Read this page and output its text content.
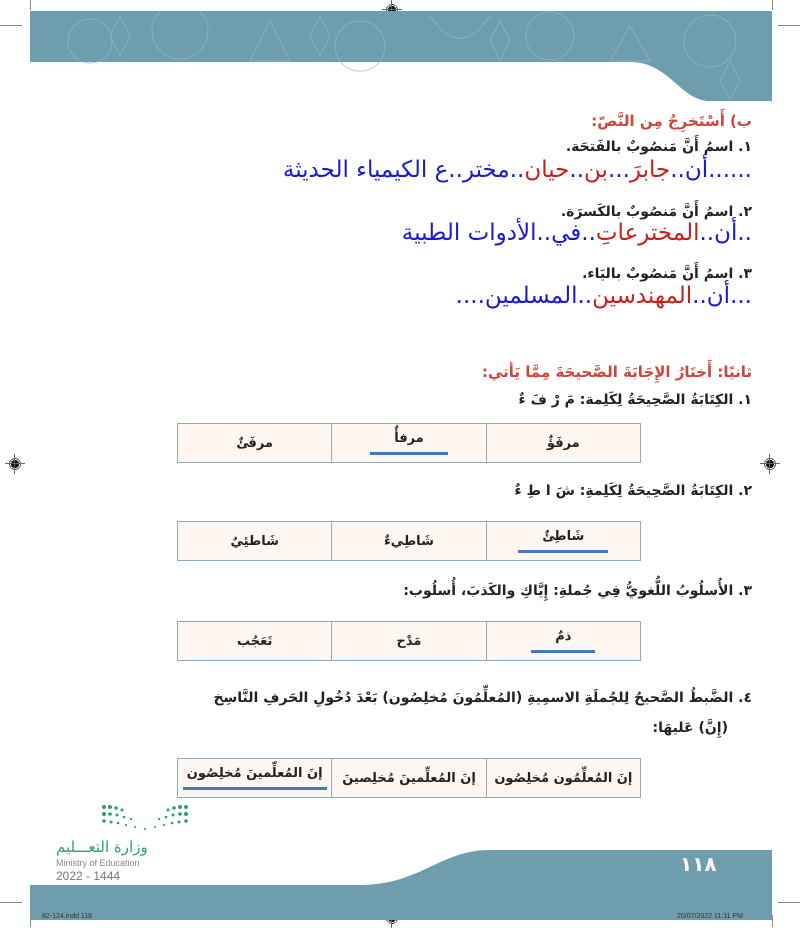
ب) أَسْتَخرِجُ مِن النَّصّ:
١. اسمُ أَنَّ مَنصُوبٌ بالفَتحَة.
......أن..جابرَ...بن..حيان..مختر..ع الكيمياء الحديثة
٢. اسمُ أَنَّ مَنصُوبٌ بالكَسرَة.
..أن..المخترعاتِ..في..الأدوات الطبية
٣. اسمُ أَنَّ مَنصُوبٌ باليَاء.
...أن..المهندسين..المسلمين....
ثانيًا: أَختَارُ الإِجَابَةَ الصَّحيحَةَ مِمَّا يَأتي:
١. الكِتَابَةُ الصَّحِيحَةُ لِكَلِمة: مَ رْ فَ ءٌ
مرفَؤٌ	مرفأٌ	مرفَئٌ
٢. الكِتَابَةُ الصَّحِيحَةُ لِكَلِمةِ: شَ ا طِ ءٌ
شَاطِئٌ	شَاطِيءٌ	شَاطئِيٌ
٣. الأُسلُوبُ اللُّغويُّ فِي جُملةِ: إِيَّاكِ والكَذبَ، أُسلُوب:
ذمٌ	مَدْح	تَعَجُب
٤. الضَّبطُ الصَّحيحُ لِلجُملَةِ الاسمِيةِ (المُعلِّمُونَ مُخلِصُون) بَعْدَ دُخُولِ الحَرفِ النَّاسِخ
(إِنَّ) عَليهَا:
إنَ المُعلِّمُون مُخلِصُون	إنَ المُعلِّمينَ مُخلِصينَ	إنَ المُعلِّمينَ مُخلِصُون
١١٨
وزارة التعـــليم
Ministry of Education
2022 - 1444
82-124.indd 118	20/07/2022 11:11 PM
